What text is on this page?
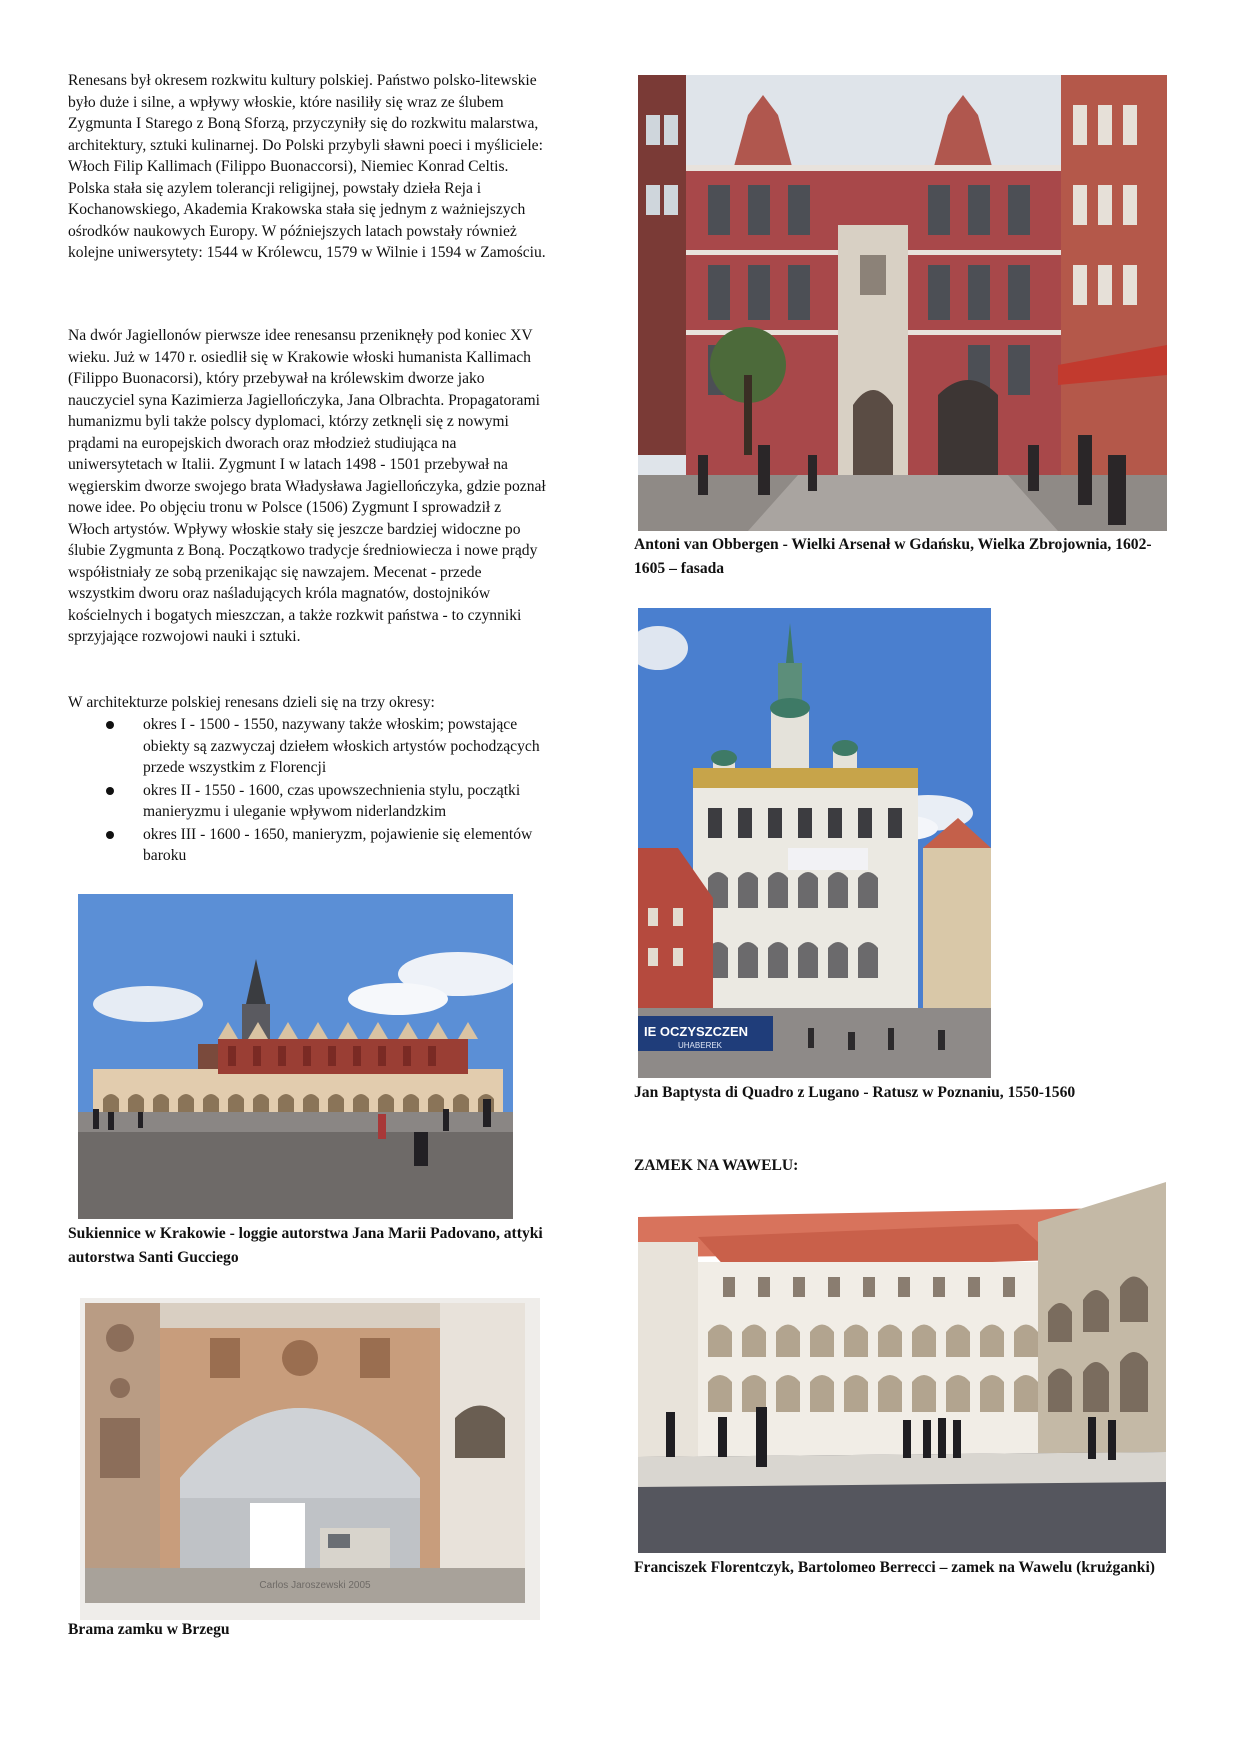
Renesans był okresem rozkwitu kultury polskiej. Państwo polsko-litewskie było duże i silne, a wpływy włoskie, które nasiliły się wraz ze ślubem Zygmunta I Starego z Boną Sforzą, przyczyniły się do rozkwitu malarstwa, architektury, sztuki kulinarnej. Do Polski przybyli sławni poeci i myśliciele: Włoch Filip Kallimach (Filippo Buonaccorsi), Niemiec Konrad Celtis. Polska stała się azylem tolerancji religijnej, powstały dzieła Reja i Kochanowskiego, Akademia Krakowska stała się jednym z ważniejszych ośrodków naukowych Europy. W późniejszych latach powstały również kolejne uniwersytety: 1544 w Królewcu, 1579 w Wilnie i 1594 w Zamościu.

Na dwór Jagiellonów pierwsze idee renesansu przeniknęły pod koniec XV wieku. Już w 1470 r. osiedlił się w Krakowie włoski humanista Kallimach (Filippo Buonacorsi), który przebywał na królewskim dworze jako nauczyciel syna Kazimierza Jagiellończyka, Jana Olbrachta. Propagatorami humanizmu byli także polscy dyplomaci, którzy zetknęli się z nowymi prądami na europejskich dworach oraz młodzież studiująca na uniwersytetach w Italii. Zygmunt I w latach 1498 - 1501 przebywał na węgierskim dworze swojego brata Władysława Jagiellończyka, gdzie poznał nowe idee. Po objęciu tronu w Polsce (1506) Zygmunt I sprowadził z Włoch artystów. Wpływy włoskie stały się jeszcze bardziej widoczne po ślubie Zygmunta z Boną. Początkowo tradycje średniowiecza i nowe prądy współistniały ze sobą przenikając się nawzajem. Mecenat - przede wszystkim dworu oraz naśladujących króla magnatów, dostojników kościelnych i bogatych mieszczan, a także rozkwit państwa - to czynniki sprzyjające rozwojowi nauki i sztuki.

W architekturze polskiej renesans dzieli się na trzy okresy:

okres I - 1500 - 1550, nazywany także włoskim; powstające obiekty są zazwyczaj dziełem włoskich artystów pochodzących przede wszystkim z Florencji
okres II - 1550 - 1600, czas upowszechnienia stylu, początki manieryzmu i uleganie wpływom niderlandzkim
okres III - 1600 - 1650, manieryzm, pojawienie się elementów baroku

Antoni van Obbergen - Wielki Arsenał w Gdańsku, Wielka Zbrojownia, 1602-1605 – fasada

IE OCZYSZCZEN
UHABEREK

Jan Baptysta di Quadro z Lugano - Ratusz w Poznaniu, 1550-1560

ZAMEK NA WAWELU:

Franciszek Florentczyk, Bartolomeo Berrecci – zamek na Wawelu (krużganki)

Sukiennice w Krakowie - loggie autorstwa Jana Marii Padovano, attyki autorstwa Santi Gucciego

Carlos Jaroszewski 2005

Brama zamku w Brzegu
